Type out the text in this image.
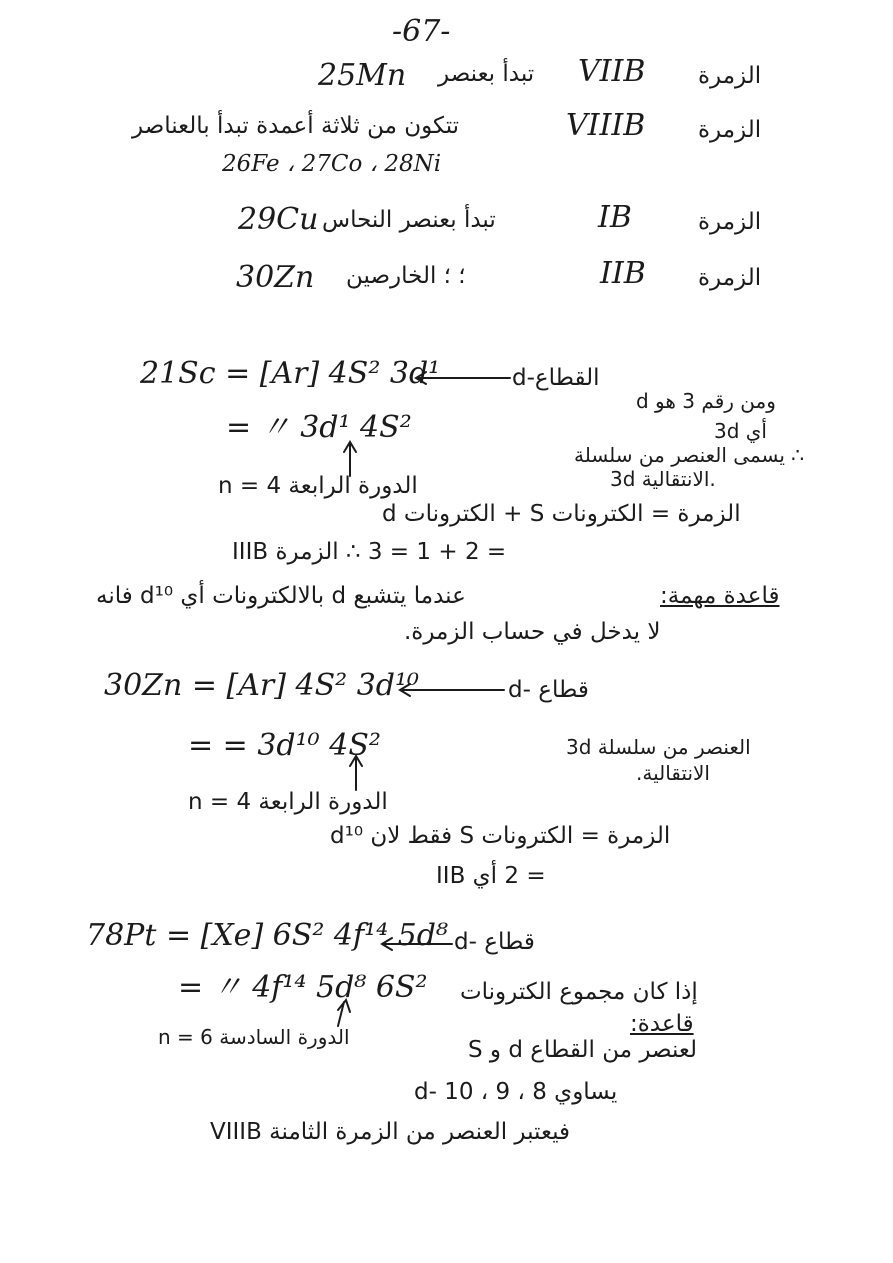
-67-
25Mn تبدأ بعنصر VIIB الزمرة
تتكون من ثلاثة أعمدة تبدأ بالعناصر	VIIIB الزمرة
26Fe ، 27Co ، 28Ni
29Cu تبدأ بعنصر النحاس	IB	الزمرة
30Zn ؛ ؛ الخارصين	IIB الزمرة
21Sc = [Ar] 4S² 3d¹	d-القطاع
= 〃 3d¹ 4S²
n = 4 الدورة الرابعة
ومن رقم 3 هو d
أي 3d
∴ يسمى العنصر من سلسلة
3d الانتقالية.
الزمرة = الكترونات S + الكترونات d
= 2 + 1 = 3 ∴ الزمرة IIIB
عندما يتشبع d بالالكترونات أي d¹⁰ فانه	قاعدة مهمة:
لا يدخل في حساب الزمرة.
30Zn = [Ar] 4S² 3d¹⁰	قطاع -d
= = 3d¹⁰ 4S²	العنصر من سلسلة 3d
الانتقالية.
n = 4 الدورة الرابعة
الزمرة = الكترونات S فقط لان d¹⁰
= 2 أي IIB
78Pt = [Xe] 6S² 4f¹⁴ 5d⁸ قطاع -d
= 〃 4f¹⁴ 5d⁸ 6S²
n = 6 الدورة السادسة
إذا كان مجموع الكترونات
قاعدة:
S و d لعنصر من القطاع
d- يساوي 8 ، 9 ، 10
فيعتبر العنصر من الزمرة الثامنة VIIIB
